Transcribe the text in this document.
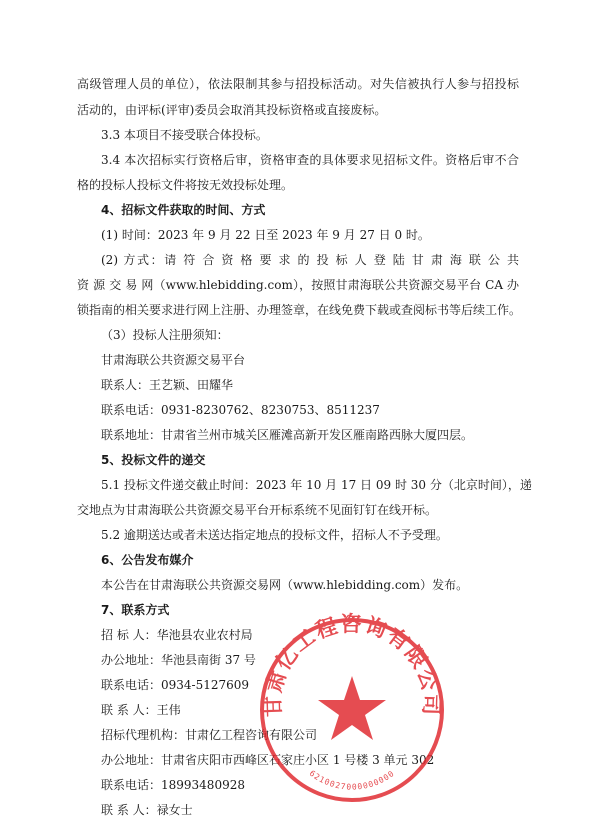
高级管理人员的单位），依法限制其参与招投标活动。对失信被执行人参与招投标
活动的，由评标(评审)委员会取消其投标资格或直接废标。
3.3 本项目不接受联合体投标。
3.4 本次招标实行资格后审，资格审查的具体要求见招标文件。资格后审不合
格的投标人投标文件将按无效投标处理。
4、招标文件获取的时间、方式
(1) 时间：2023 年 9 月 22 日至 2023 年 9 月 27 日 0 时。
(2) 方式：请 符 合 资 格 要 求 的 投 标 人 登 陆 甘 肃 海 联 公 共
资 源 交 易 网（www.hlebidding.com），按照甘肃海联公共资源交易平台 CA 办
锁指南的相关要求进行网上注册、办理签章，在线免费下载或查阅标书等后续工作。
（3）投标人注册须知：
甘肃海联公共资源交易平台
联系人：王艺颖、田耀华
联系电话：0931-8230762、8230753、8511237
联系地址：甘肃省兰州市城关区雁滩高新开发区雁南路西脉大厦四层。
5、投标文件的递交
5.1 投标文件递交截止时间：2023 年 10 月 17 日 09 时 30 分（北京时间），递
交地点为甘肃海联公共资源交易平台开标系统不见面钉钉在线开标。
5.2 逾期送达或者未送达指定地点的投标文件，招标人不予受理。
6、公告发布媒介
本公告在甘肃海联公共资源交易网（www.hlebidding.com）发布。
7、联系方式
招 标 人：华池县农业农村局
办公地址：华池县南街 37 号
联系电话：0934-5127609
联 系 人：王伟
招标代理机构：甘肃亿工程咨询有限公司
办公地址：甘肃省庆阳市西峰区石家庄小区 1 号楼 3 单元 302
联系电话：18993480928
联 系 人：禄女士
甘肃亿工程咨询有限公司
6210027000000000
